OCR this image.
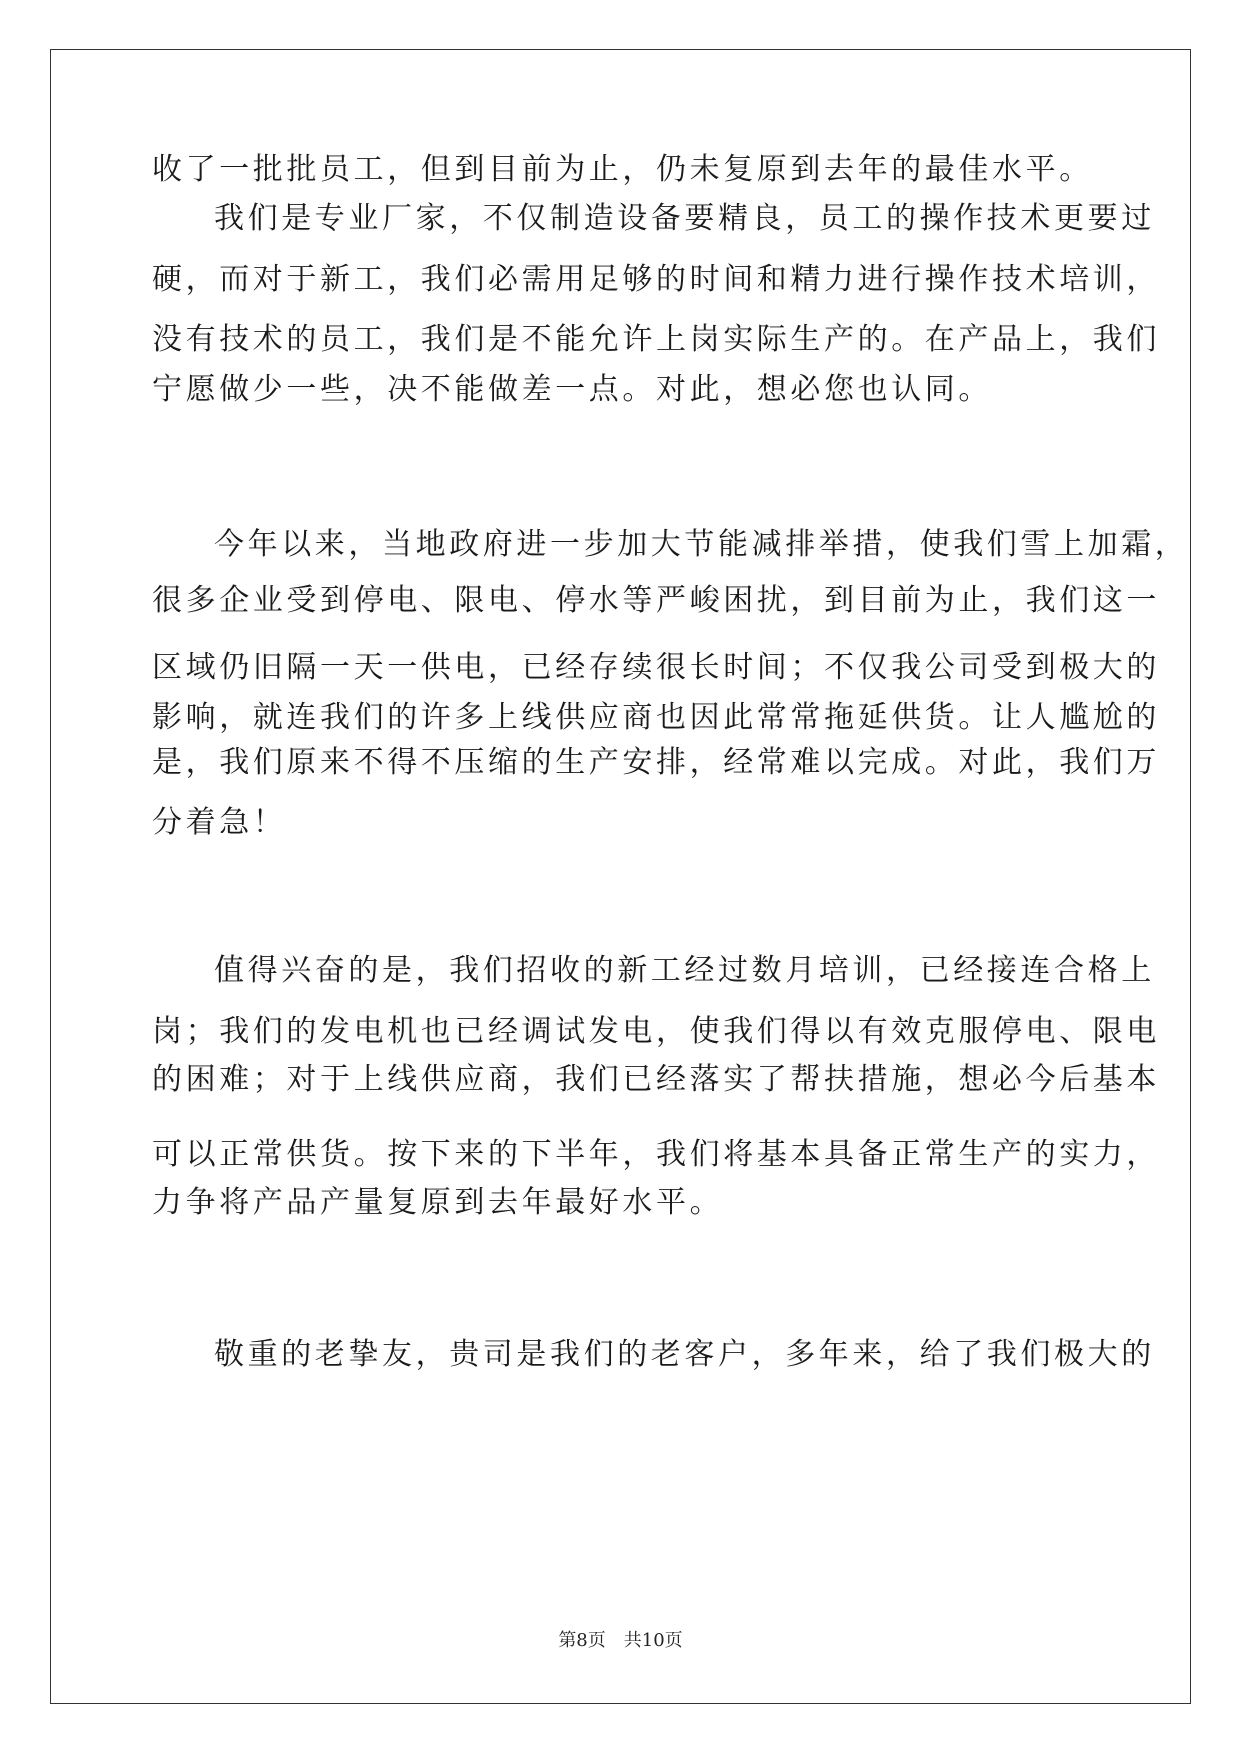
收了一批批员工，但到目前为止，仍未复原到去年的最佳水平。

我们是专业厂家，不仅制造设备要精良，员工的操作技术更要过

硬，而对于新工，我们必需用足够的时间和精力进行操作技术培训，

没有技术的员工，我们是不能允许上岗实际生产的。在产品上，我们

宁愿做少一些，决不能做差一点。对此，想必您也认同。

今年以来，当地政府进一步加大节能减排举措，使我们雪上加霜，

很多企业受到停电、限电、停水等严峻困扰，到目前为止，我们这一

区域仍旧隔一天一供电，已经存续很长时间；不仅我公司受到极大的

影响，就连我们的许多上线供应商也因此常常拖延供货。让人尴尬的

是，我们原来不得不压缩的生产安排，经常难以完成。对此，我们万

分着急！

值得兴奋的是，我们招收的新工经过数月培训，已经接连合格上

岗；我们的发电机也已经调试发电，使我们得以有效克服停电、限电

的困难；对于上线供应商，我们已经落实了帮扶措施，想必今后基本

可以正常供货。按下来的下半年，我们将基本具备正常生产的实力，

力争将产品产量复原到去年最好水平。

敬重的老挚友，贵司是我们的老客户，多年来，给了我们极大的

第8页 共10页
